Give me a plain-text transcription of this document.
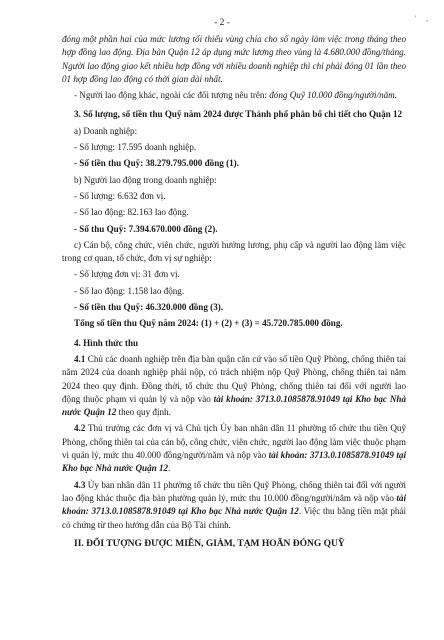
- 2 -	' ,

đóng một phần hai của mức lương tối thiểu vùng chia cho số ngày làm việc trong tháng theo hợp đồng lao động. Địa bàn Quận 12 áp dụng mức lương theo vùng là 4.680.000 đồng/tháng. Người lao động giao kết nhiều hợp đồng với nhiều doanh nghiệp thì chỉ phải đóng 01 lần theo 01 hợp đồng lao động có thời gian dài nhất.

- Người lao động khác, ngoài các đối tượng nêu trên: đóng Quỹ 10.000 đồng/người/năm.

3. Số lượng, số tiền thu Quỹ năm 2024 được Thành phố phân bổ chi tiết cho Quận 12

a) Doanh nghiệp:

- Số lượng: 17.595 doanh nghiệp.

- Số tiền thu Quỹ: 38.279.795.000 đồng (1).

b) Người lao động trong doanh nghiệp:

- Số lượng: 6.632 đơn vị.

- Số lao động: 82.163 lao động.

- Số thu Quỹ: 7.394.670.000 đồng (2).

c) Cán bộ, công chức, viên chức, người hưởng lương, phụ cấp và người lao động làm việc trong cơ quan, tổ chức, đơn vị sự nghiệp:

- Số lượng đơn vị: 31 đơn vị.

- Số lao động: 1.158 lao động.

- Số tiền thu Quỹ: 46.320.000 đồng (3).

Tổng số tiền thu Quỹ năm 2024: (1) + (2) + (3) = 45.720.785.000 đồng.

4. Hình thức thu

4.1 Chủ các doanh nghiệp trên địa bàn quận căn cứ vào số tiền Quỹ Phòng, chống thiên tai năm 2024 của doanh nghiệp phải nộp, có trách nhiệm nộp Quỹ Phòng, chống thiên tai năm 2024 theo quy định. Đồng thời, tổ chức thu Quỹ Phòng, chống thiên tai đối với người lao động thuộc phạm vi quản lý và nộp vào tài khoản: 3713.0.1085878.91049 tại Kho bạc Nhà nước Quận 12 theo quy định.

4.2 Thủ trưởng các đơn vị và Chủ tịch Ủy ban nhân dân 11 phường tổ chức thu tiền Quỹ Phòng, chống thiên tai của cán bộ, công chức, viên chức, người lao động làm việc thuộc phạm vi quản lý, mức thu 40.000 đồng/người/năm và nộp vào tài khoản: 3713.0.1085878.91049 tại Kho bạc Nhà nước Quận 12.

4.3 Ủy ban nhân dân 11 phường tổ chức thu tiền Quỹ Phòng, chống thiên tai đối với người lao động khác thuộc địa bàn phường quản lý, mức thu 10.000 đồng/người/năm và nộp vào tài khoản: 3713.0.1085878.91049 tại Kho bạc Nhà nước Quận 12. Việc thu bằng tiền mặt phải có chứng từ theo hướng dẫn của Bộ Tài chính.

II. ĐỐI TƯỢNG ĐƯỢC MIỄN, GIẢM, TẠM HOÃN ĐÓNG QUỸ
